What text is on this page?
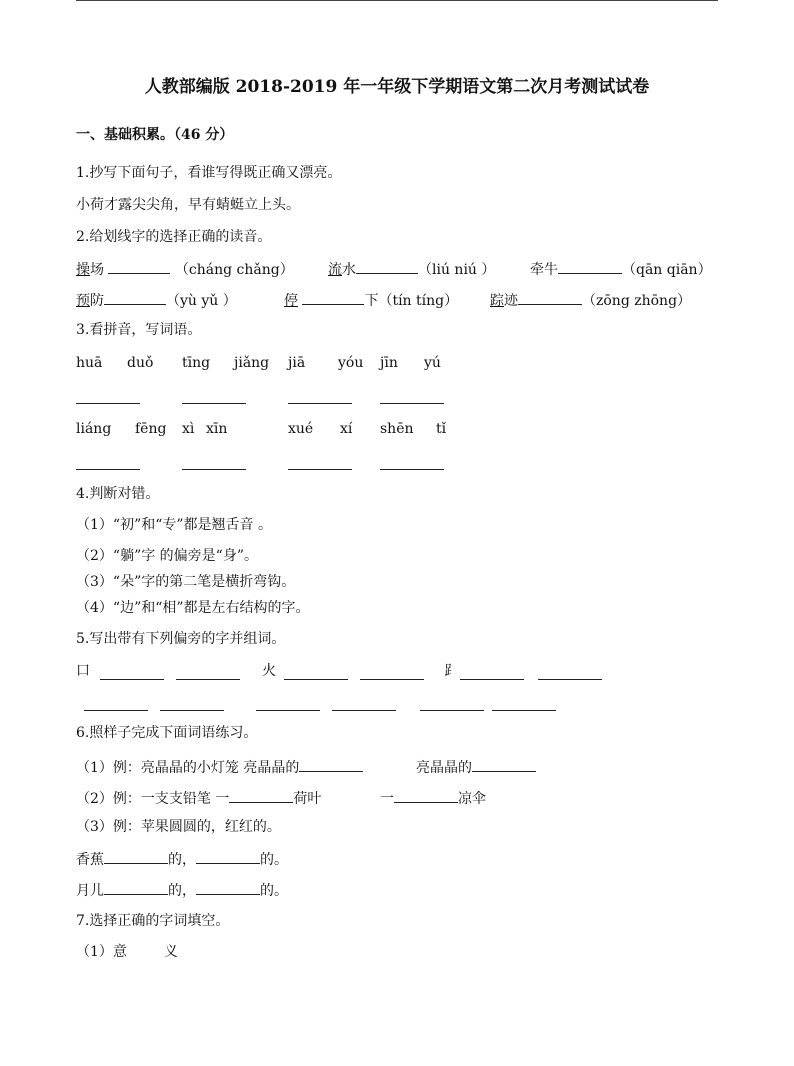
人教部编版 2018-2019 年一年级下学期语文第二次月考测试试卷
一、基础积累。（46 分）
1.抄写下面句子，看谁写得既正确又漂亮。
小荷才露尖尖角，早有蜻蜓立上头。
2.给划线字的选择正确的读音。
操场	（cháng chǎng） 流水	（liú niú ） 牵牛	（qān qiān）
预防	（yù yǔ ）	停	下（tín tíng） 踪迹	（zōng zhōng）
3.看拼音，写词语。
huā duǒ tīng jiǎng jiā yóu jīn yú
liáng fēng xì xīn	xué xí shēn tǐ
4.判断对错。
（1）“初”和“专”都是翘舌音 。
（2）“躺”字 的偏旁是“身”。
（3）“朵”字的第二笔是横折弯钩。
（4）“边”和“相”都是左右结构的字。
5.写出带有下列偏旁的字并组词。
口	火	⻊
6.照样子完成下面词语练习。
（1）例：亮晶晶的小灯笼 亮晶晶的	亮晶晶的
（2）例：一支支铅笔 一	荷叶	一	凉伞
（3）例：苹果圆圆的，红红的。
香蕉	的，	的。
月儿	的，	的。
7.选择正确的字词填空。
（1）意	义
